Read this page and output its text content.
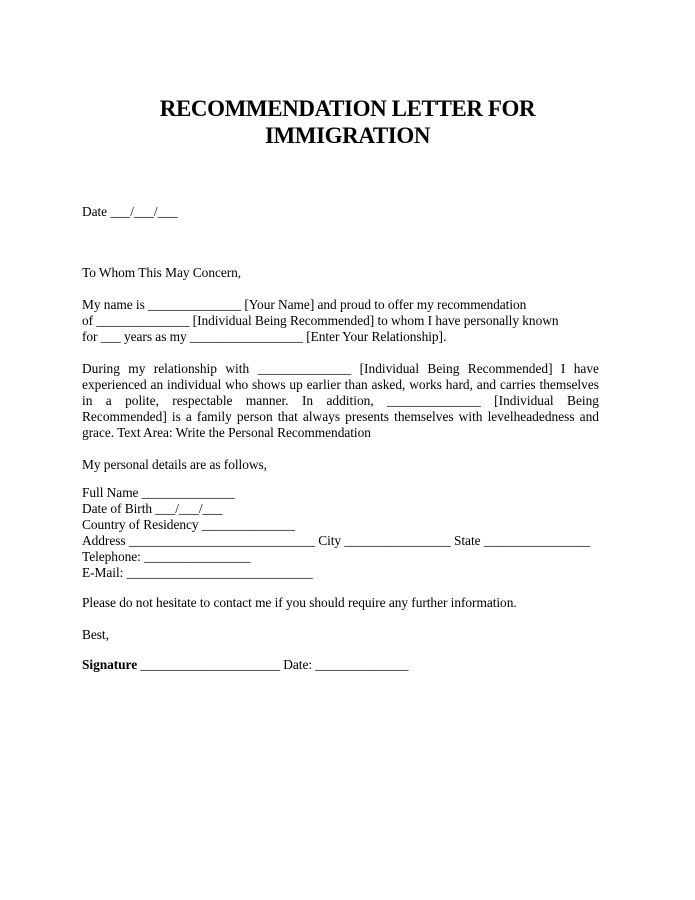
RECOMMENDATION LETTER FOR
IMMIGRATION
Date ___/___/___
To Whom This May Concern,
My name is ______________ [Your Name] and proud to offer my recommendation
of ______________ [Individual Being Recommended] to whom I have personally known
for ___ years as my _________________ [Enter Your Relationship].
During my relationship with ______________ [Individual Being Recommended] I have
experienced an individual who shows up earlier than asked, works hard, and carries themselves
in a polite, respectable manner. In addition, ______________ [Individual Being
Recommended] is a family person that always presents themselves with levelheadedness and
grace. Text Area: Write the Personal Recommendation
My personal details are as follows,
Full Name ______________
Date of Birth ___/___/___
Country of Residency ______________
Address ____________________________ City ________________ State ________________
Telephone: ________________
E-Mail: ____________________________
Please do not hesitate to contact me if you should require any further information.
Best,
Signature _____________________ Date: ______________
